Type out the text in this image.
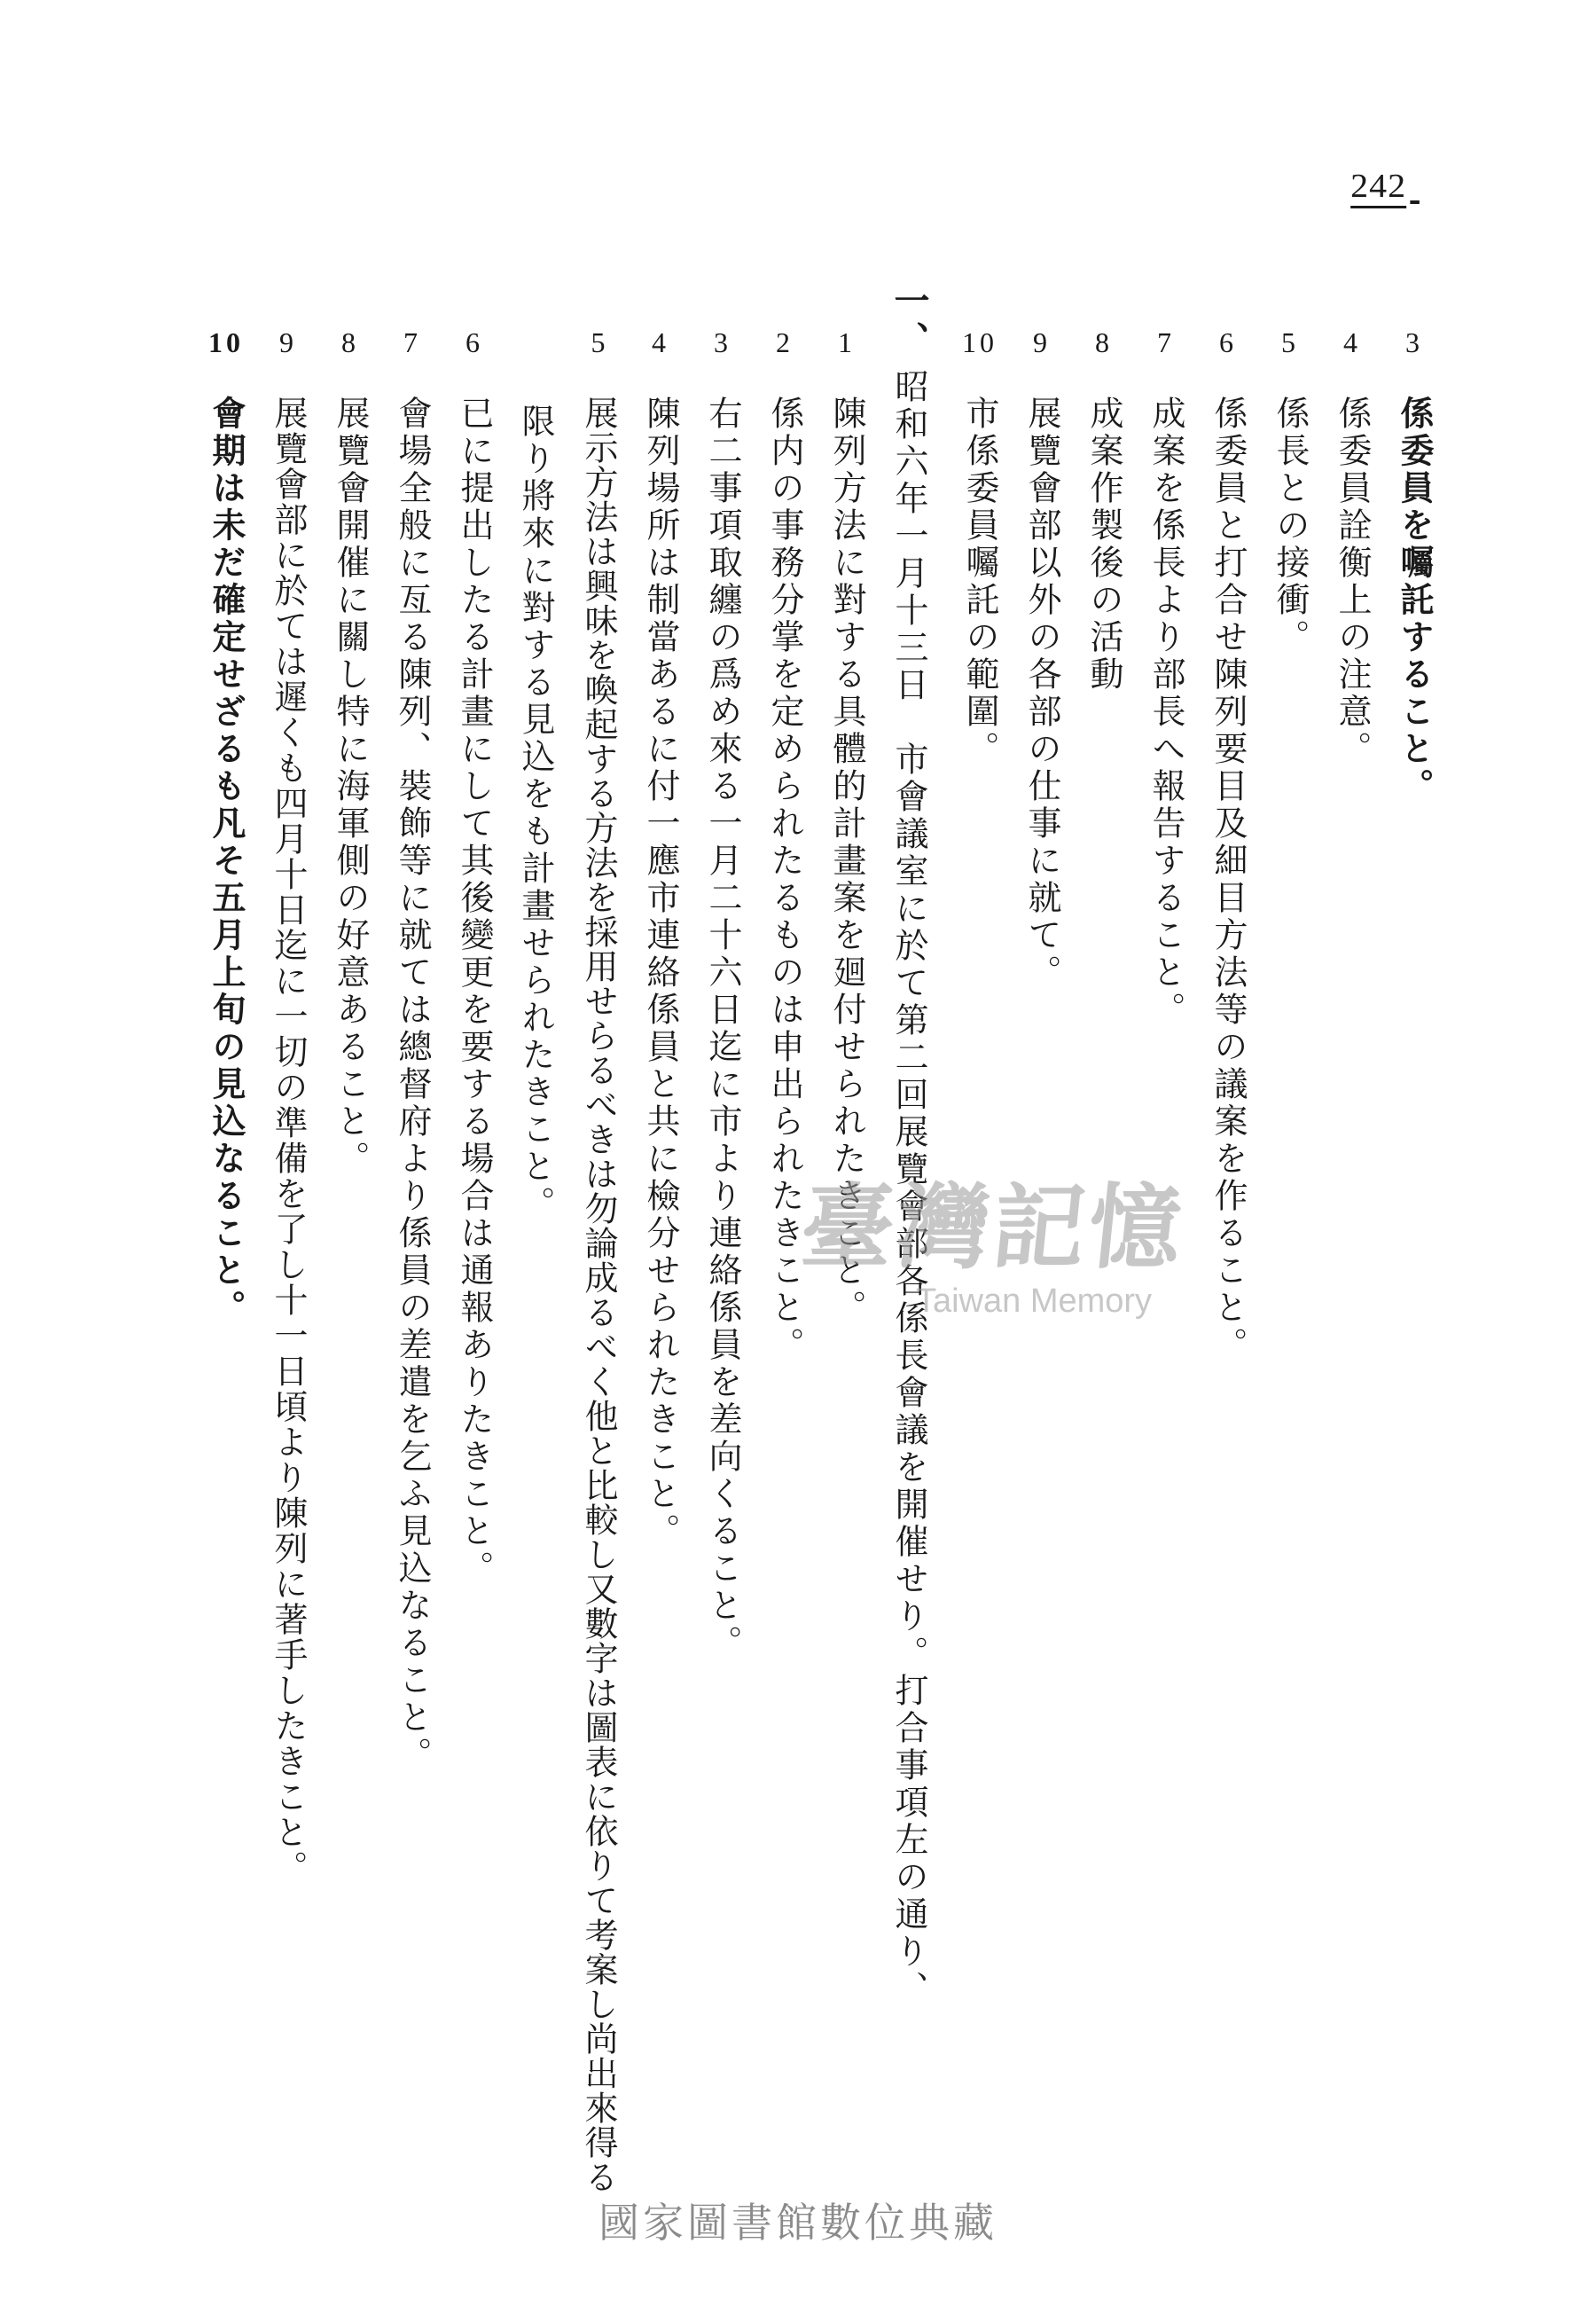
242
3係委員を囑託すること。
4係委員詮衡上の注意。
5係長との接衝。
6係委員と打合せ陳列要目及細目方法等の議案を作ること。
7成案を係長より部長へ報告すること。
8成案作製後の活動
9展覽會部以外の各部の仕事に就て。
10市係委員囑託の範圍。
一、昭和六年一月十三日　市會議室に於て第二回展覽會部各係長會議を開催せり。打合事項左の通り、
1陳列方法に對する具體的計畫案を廻付せられたきこと。
2係内の事務分掌を定められたるものは申出られたきこと。
3右二事項取纏の爲め來る一月二十六日迄に市より連絡係員を差向くること。
4陳列場所は制當あるに付一應市連絡係員と共に檢分せられたきこと。
5展示方法は興味を喚起する方法を採用せらるべきは勿論成るべく他と比較し又數字は圖表に依りて考案し尚出來得る
限り將來に對する見込をも計畫せられたきこと。
6已に提出したる計畫にして其後變更を要する場合は通報ありたきこと。
7會場全般に亙る陳列、裝飾等に就ては總督府より係員の差遣を乞ふ見込なること。
8展覽會開催に關し特に海軍側の好意あること。
9展覽會部に於ては遲くも四月十日迄に一切の準備を了し十一日頃より陳列に著手したきこと。
10會期は未だ確定せざるも凡そ五月上旬の見込なること。	臺灣記憶
Taiwan Memory
國家圖書館數位典藏
